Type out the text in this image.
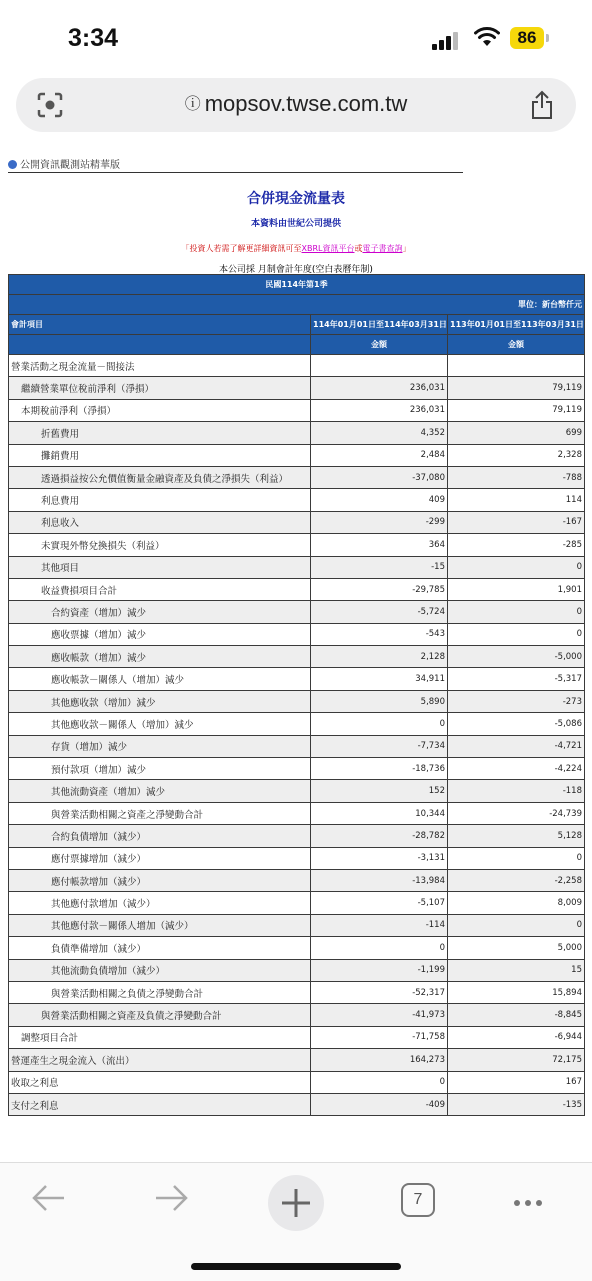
3:34	86
ⓘ mopsov.twse.com.tw
公開資訊觀測站精華版
合併現金流量表
本資料由世紀公司提供
「投資人若需了解更詳細資訊可至XBRL資訊平台或電子書查詢」
本公司採 月制會計年度(空白表曆年制)
民國114年第1季		
單位：新台幣仟元		
會計項目	114年01月01日至114年03月31日	113年01月01日至113年03月31日
	金額	金額
營業活動之現金流量－間接法		
繼續營業單位稅前淨利（淨損）	236,031	79,119
本期稅前淨利（淨損）	236,031	79,119
折舊費用	4,352	699
攤銷費用	2,484	2,328
透過損益按公允價值衡量金融資產及負債之淨損失（利益）	-37,080	-788
利息費用	409	114
利息收入	-299	-167
未實現外幣兌換損失（利益）	364	-285
其他項目	-15	0
收益費損項目合計	-29,785	1,901
合約資產（增加）減少	-5,724	0
應收票據（增加）減少	-543	0
應收帳款（增加）減少	2,128	-5,000
應收帳款－關係人（增加）減少	34,911	-5,317
其他應收款（增加）減少	5,890	-273
其他應收款－關係人（增加）減少	0	-5,086
存貨（增加）減少	-7,734	-4,721
預付款項（增加）減少	-18,736	-4,224
其他流動資產（增加）減少	152	-118
與營業活動相關之資產之淨變動合計	10,344	-24,739
合約負債增加（減少）	-28,782	5,128
應付票據增加（減少）	-3,131	0
應付帳款增加（減少）	-13,984	-2,258
其他應付款增加（減少）	-5,107	8,009
其他應付款－關係人增加（減少）	-114	0
負債準備增加（減少）	0	5,000
其他流動負債增加（減少）	-1,199	15
與營業活動相關之負債之淨變動合計	-52,317	15,894
與營業活動相關之資產及負債之淨變動合計	-41,973	-8,845
調整項目合計	-71,758	-6,944
營運產生之現金流入（流出）	164,273	72,175
收取之利息	0	167
支付之利息	-409	-135
7
